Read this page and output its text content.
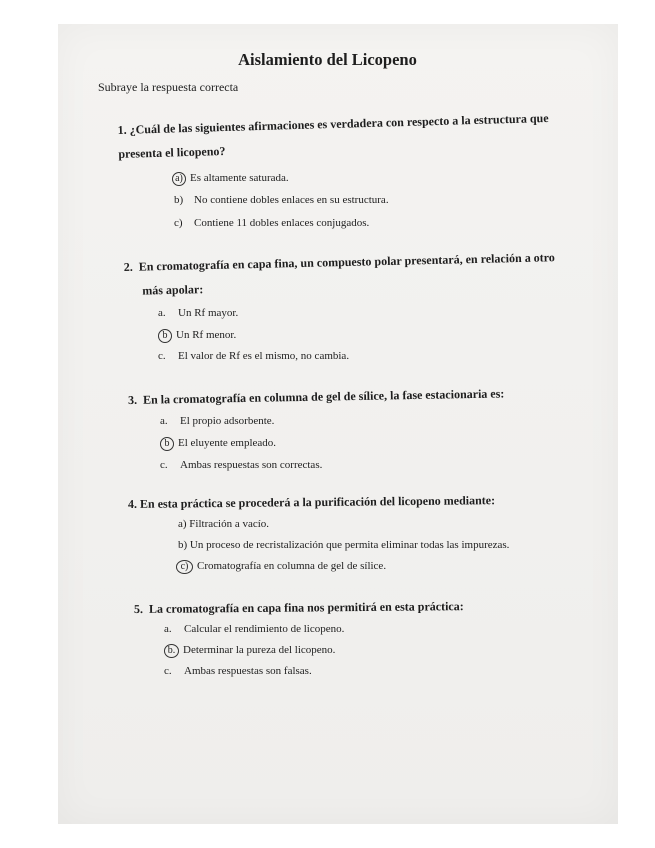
Aislamiento del Licopeno
Subraye la respuesta correcta
1. ¿Cuál de las siguientes afirmaciones es verdadera con respecto a la estructura que
presenta el licopeno?
a) Es altamente saturada.
b) No contiene dobles enlaces en su estructura.
c) Contiene 11 dobles enlaces conjugados.
2. En cromatografía en capa fina, un compuesto polar presentará, en relación a otro
más apolar:
a. Un Rf mayor.
b Un Rf menor.
c. El valor de Rf es el mismo, no cambia.
3. En la cromatografía en columna de gel de sílice, la fase estacionaria es:
a. El propio adsorbente.
b El eluyente empleado.
c. Ambas respuestas son correctas.
4. En esta práctica se procederá a la purificación del licopeno mediante:
a) Filtración a vacío.
b) Un proceso de recristalización que permita eliminar todas las impurezas.
c) Cromatografía en columna de gel de sílice.
5. La cromatografía en capa fina nos permitirá en esta práctica:
a. Calcular el rendimiento de licopeno.
b. Determinar la pureza del licopeno.
c. Ambas respuestas son falsas.
